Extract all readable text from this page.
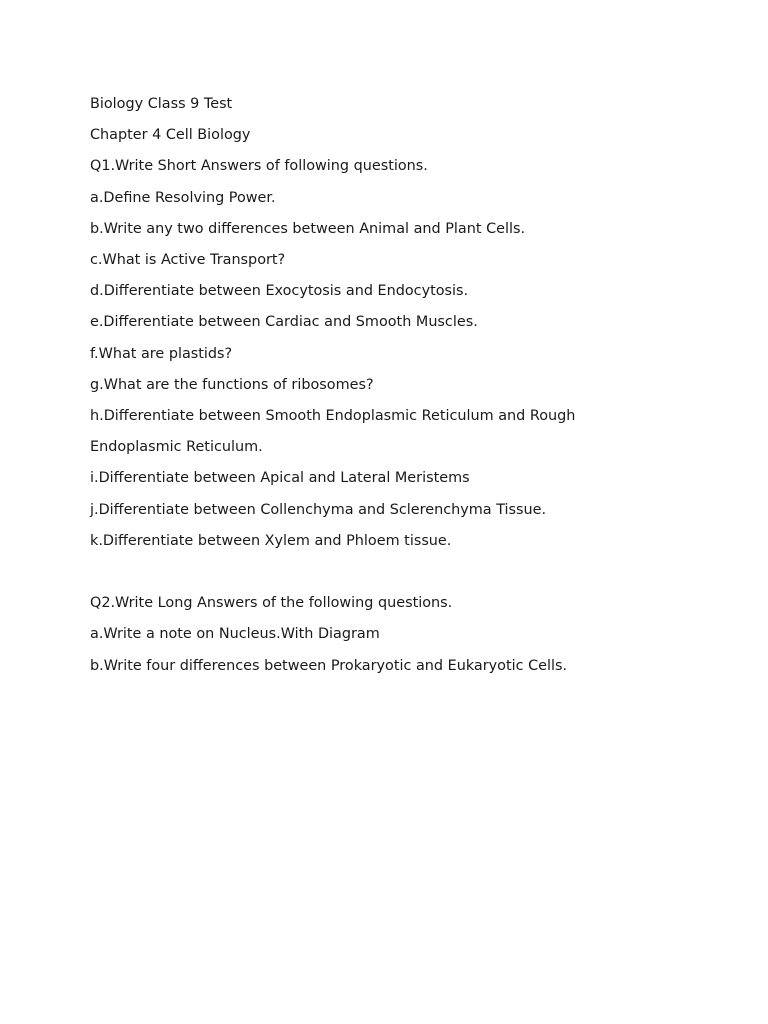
Biology Class 9 Test
Chapter 4 Cell Biology
Q1.Write Short Answers of following questions.
a.Define Resolving Power.
b.Write any two differences between Animal and Plant Cells.
c.What is Active Transport?
d.Differentiate between Exocytosis and Endocytosis.
e.Differentiate between Cardiac and Smooth Muscles.
f.What are plastids?
g.What are the functions of ribosomes?
h.Differentiate between Smooth Endoplasmic Reticulum and Rough
Endoplasmic Reticulum.
i.Differentiate between Apical and Lateral Meristems
j.Differentiate between Collenchyma and Sclerenchyma Tissue.
k.Differentiate between Xylem and Phloem tissue.
Q2.Write Long Answers of the following questions.
a.Write a note on Nucleus.With Diagram
b.Write four differences between Prokaryotic and Eukaryotic Cells.
